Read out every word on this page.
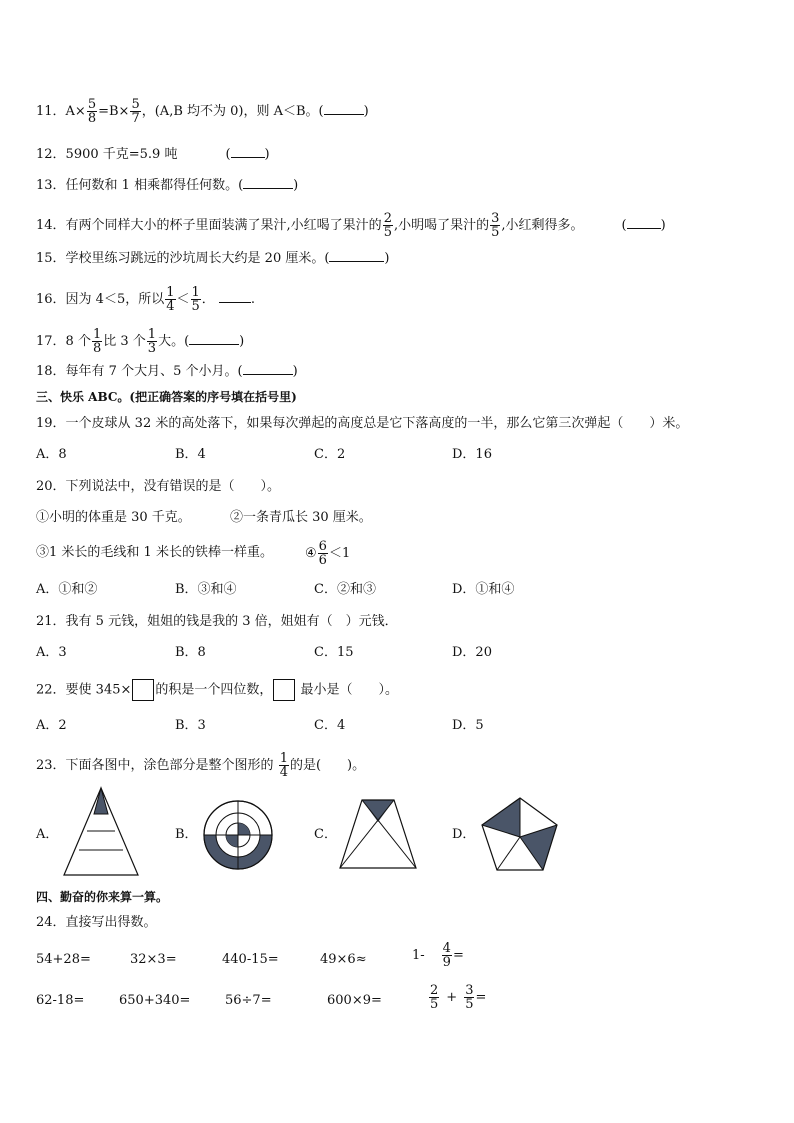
11．$A\times \frac{5}{8} =B\times \frac{5}{7}$ ，(A,B 均不为 0)，则 A＜B。(	)
12．5900 千克=5.9 吨	(	)
13．任何数和 1 相乘都得任何数。(	)
14．有两个同样大小的杯子里面装满了果汁,小红喝了果汁的 $\frac{2}{5}$ ,小明喝了果汁的 $\frac{3}{5}$ ,小红剩得多。	(	)
15．学校里练习跳远的沙坑周长大约是 20 厘米。(	)
16．因为 4＜5，所以 $\frac{1}{4} < \frac{1}{5}$ ．	.
17．8 个 $\frac{1}{8}$ 比 3 个 $\frac{1}{3}$ 大。(	)
18．每年有 7 个大月、5 个小月。(	)
三、快乐 ABC。(把正确答案的序号填在括号里)
19．一个皮球从 32 米的高处落下，如果每次弹起的高度总是它下落高度的一半，那么它第三次弹起（　　）米。
A．8	B．4	C．2	D．16
20．下列说法中，没有错误的是（　　）。
①小明的体重是 30 千克。	②一条青瓜长 30 厘米。
③1 米长的毛线和 1 米长的铁棒一样重。 ④ $\frac{6}{6} <1$
A．①和②	B．③和④	C．②和③	D．①和④
21．我有 5 元钱，姐姐的钱是我的 3 倍，姐姐有（　）元钱．
A．3	B．8	C．15	D．20
22．要使 345× 的积是一个四位数， 最小是（　　）。
A．2	B．3	C．4	D．5
23．下面各图中，涂色部分是整个图形的 $\frac{1}{4}$ 的是(　　)。
A．	B．	C．	D．
四、勤奋的你来算一算。
24．直接写出得数。
54+28=	32×3=	440-15=	49×6≈	$1- \frac{4}{9}$ =
62-18=	650+340=	56÷7=	600×9=	$\frac{2}{5} + \frac{3}{5}$ =
